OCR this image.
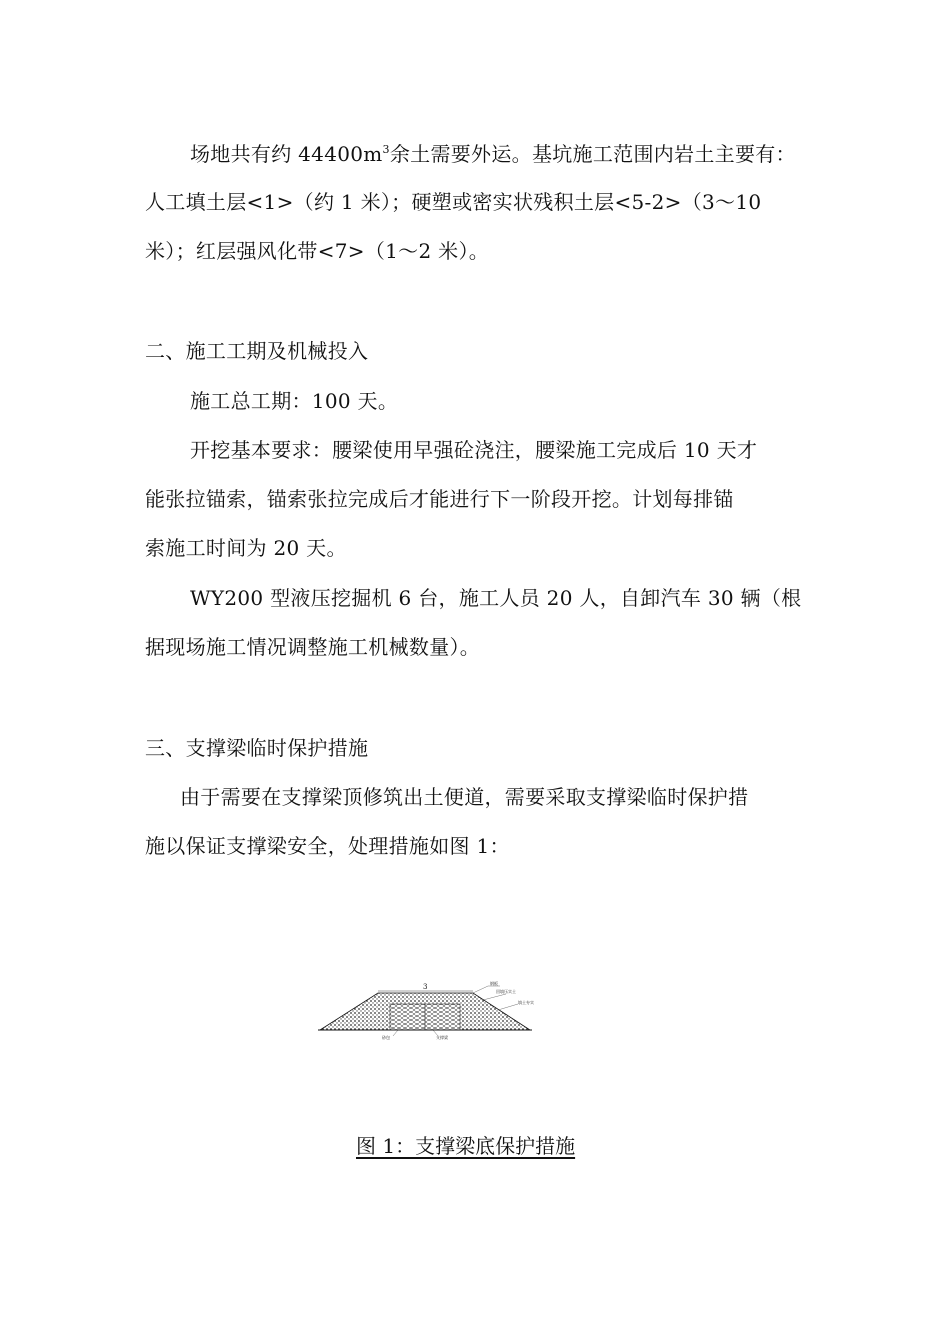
场地共有约 $44400m^3$余土需要外运。基坑施工范围内岩土主要有：
人工填土层<1>（约 1 米）；硬塑或密实状残积土层<5-2>（3～10
米）；红层强风化带<7>（1～2 米）。
二、施工工期及机械投入
施工总工期：100 天。
开挖基本要求：腰梁使用早强砼浇注，腰梁施工完成后 10 天才
能张拉锚索，锚索张拉完成后才能进行下一阶段开挖。计划每排锚
索施工时间为 20 天。
WY200 型液压挖掘机 6 台，施工人员 20 人，自卸汽车 30 辆（根
据现场施工情况调整施工机械数量）。
三、支撑梁临时保护措施
由于需要在支撑梁顶修筑出土便道，需要采取支撑梁临时保护措
施以保证支撑梁安全，处理措施如图 1：
3	钢板
回填压实土
填土夯实
砂包	支撑梁
图 1：支撑梁底保护措施
